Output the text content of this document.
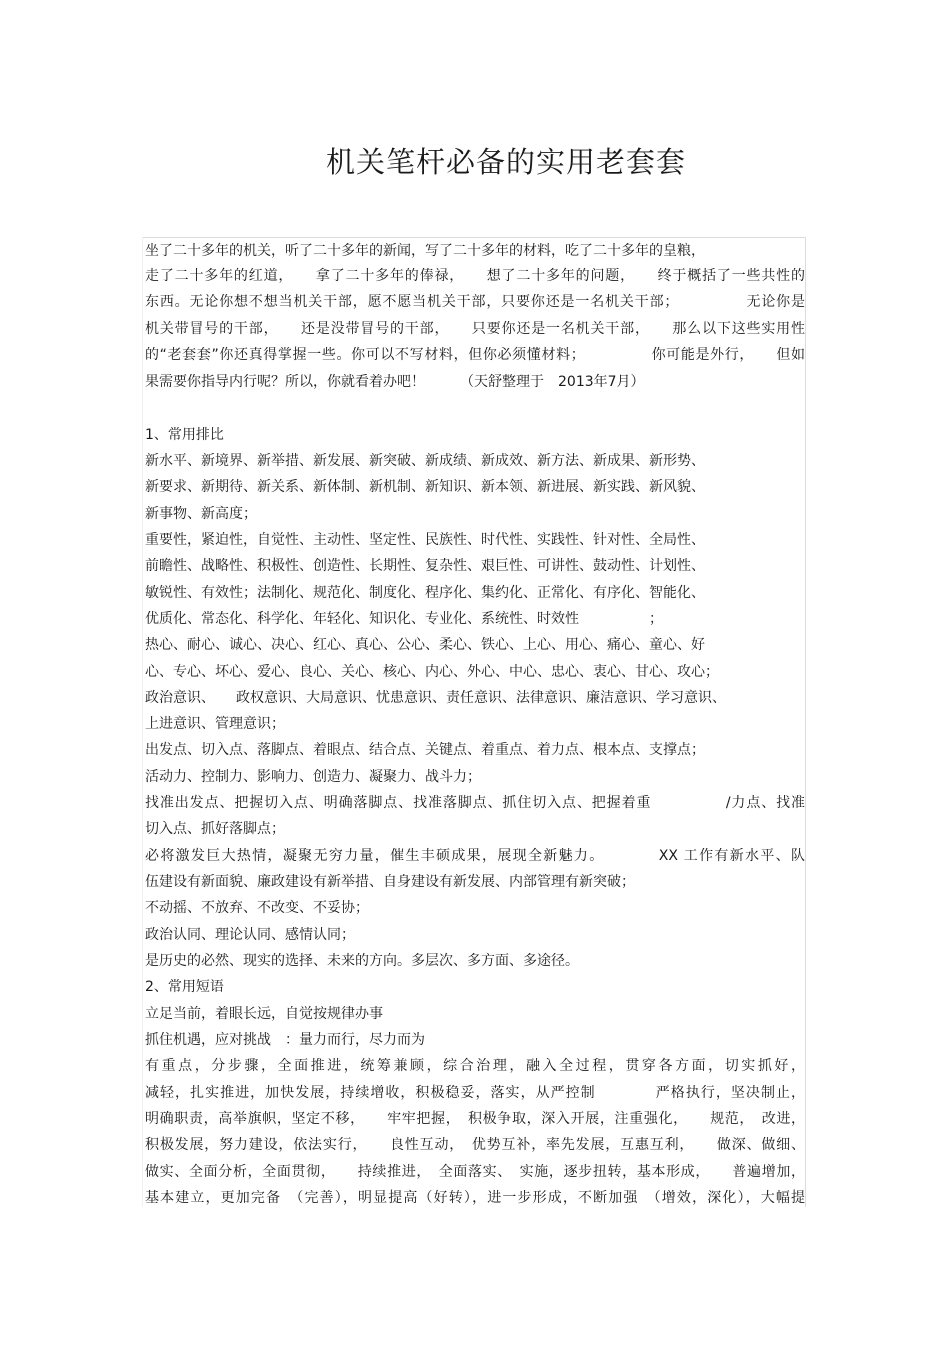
机关笔杆必备的实用老套套
坐了二十多年的机关，听了二十多年的新闻，写了二十多年的材料，吃了二十多年的皇粮，
走了二十多年的红道，　　拿了二十多年的俸禄，　　想了二十多年的问题，　　终于概括了一些共性的
东西。无论你想不想当机关干部，愿不愿当机关干部，只要你还是一名机关干部；　　　　　无论你是
机关带冒号的干部，　　还是没带冒号的干部，　　只要你还是一名机关干部，　　那么以下这些实用性
的“老套套”你还真得掌握一些。你可以不写材料，但你必须懂材料；　　　　　你可能是外行，　　但如
果需要你指导内行呢？所以，你就看着办吧！　　　（天舒整理于　2013年7月）
1、常用排比
新水平、新境界、新举措、新发展、新突破、新成绩、新成效、新方法、新成果、新形势、
新要求、新期待、新关系、新体制、新机制、新知识、新本领、新进展、新实践、新风貌、
新事物、新高度；
重要性，紧迫性，自觉性、主动性、坚定性、民族性、时代性、实践性、针对性、全局性、
前瞻性、战略性、积极性、创造性、长期性、复杂性、艰巨性、可讲性、鼓动性、计划性、
敏锐性、有效性；法制化、规范化、制度化、程序化、集约化、正常化、有序化、智能化、
优质化、常态化、科学化、年轻化、知识化、专业化、系统性、时效性　　　　　；
热心、耐心、诚心、决心、红心、真心、公心、柔心、铁心、上心、用心、痛心、童心、好
心、专心、坏心、爱心、良心、关心、核心、内心、外心、中心、忠心、衷心、甘心、攻心；
政治意识、　　政权意识、大局意识、忧患意识、责任意识、法律意识、廉洁意识、学习意识、
上进意识、管理意识；
出发点、切入点、落脚点、着眼点、结合点、关键点、着重点、着力点、根本点、支撑点；
活动力、控制力、影响力、创造力、凝聚力、战斗力；
找准出发点、把握切入点、明确落脚点、找准落脚点、抓住切入点、把握着重　　　　　/力点、找准
切入点、抓好落脚点；
必将激发巨大热情，凝聚无穷力量，催生丰硕成果，展现全新魅力。　　　　XX 工作有新水平、队
伍建设有新面貌、廉政建设有新举措、自身建设有新发展、内部管理有新突破；
不动摇、不放弃、不改变、不妥协；
政治认同、理论认同、感情认同；
是历史的必然、现实的选择、未来的方向。多层次、多方面、多途径。
2、常用短语
立足当前，着眼长远，自觉按规律办事
抓住机遇，应对挑战　：量力而行，尽力而为
有重点，分步骤，全面推进，统筹兼顾，综合治理，融入全过程，贯穿各方面，切实抓好，
减轻，扎实推进，加快发展，持续增收，积极稳妥，落实，从严控制　　　　严格执行，坚决制止，
明确职责，高举旗帜，坚定不移，　　牢牢把握，　积极争取，深入开展，注重强化，　　规范，　改进，
积极发展，努力建设，依法实行，　　良性互动，　优势互补，率先发展，互惠互利，　　做深、做细、
做实、全面分析，全面贯彻，　　持续推进，　全面落实、　实施，逐步扭转，基本形成，　　普遍增加，
基本建立，更加完备　（完善），明显提高（好转），进一步形成，不断加强　（增效，深化），大幅提
